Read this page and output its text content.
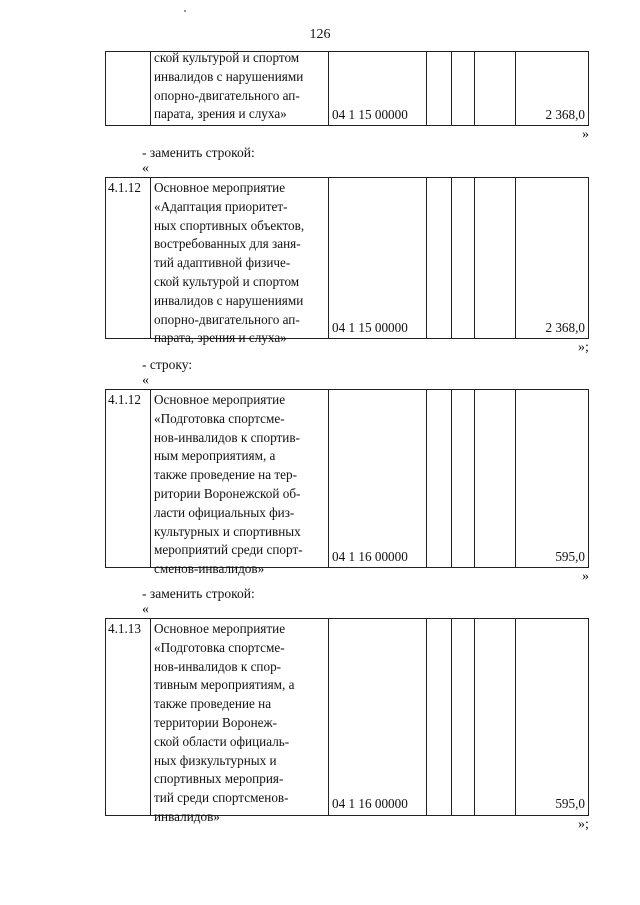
126
ской культурой и спортом
инвалидов с нарушениями
опорно-двигательного ап-
парата, зрения и слуха»	04 1 15 00000	2 368,0
»
- заменить строкой:
«
4.1.12 Основное мероприятие
«Адаптация приоритет-
ных спортивных объектов,
востребованных для заня-
тий адаптивной физиче-
ской культурой и спортом
инвалидов с нарушениями
опорно-двигательного ап-
парата, зрения и слуха»
04 1 15 00000	2 368,0
»;
- строку:
«
4.1.12 Основное мероприятие
«Подготовка спортсме-
нов-инвалидов к спортив-
ным мероприятиям, а
также проведение на тер-
ритории Воронежской об-
ласти официальных физ-
культурных и спортивных
мероприятий среди спорт-
сменов-инвалидов»
04 1 16 00000	595,0
»
- заменить строкой:
«
4.1.13 Основное мероприятие
«Подготовка спортсме-
нов-инвалидов к спор-
тивным мероприятиям, а
также проведение на
территории Воронеж-
ской области официаль-
ных физкультурных и
спортивных мероприя-
тий среди спортсменов-
инвалидов»
04 1 16 00000	595,0
»;
